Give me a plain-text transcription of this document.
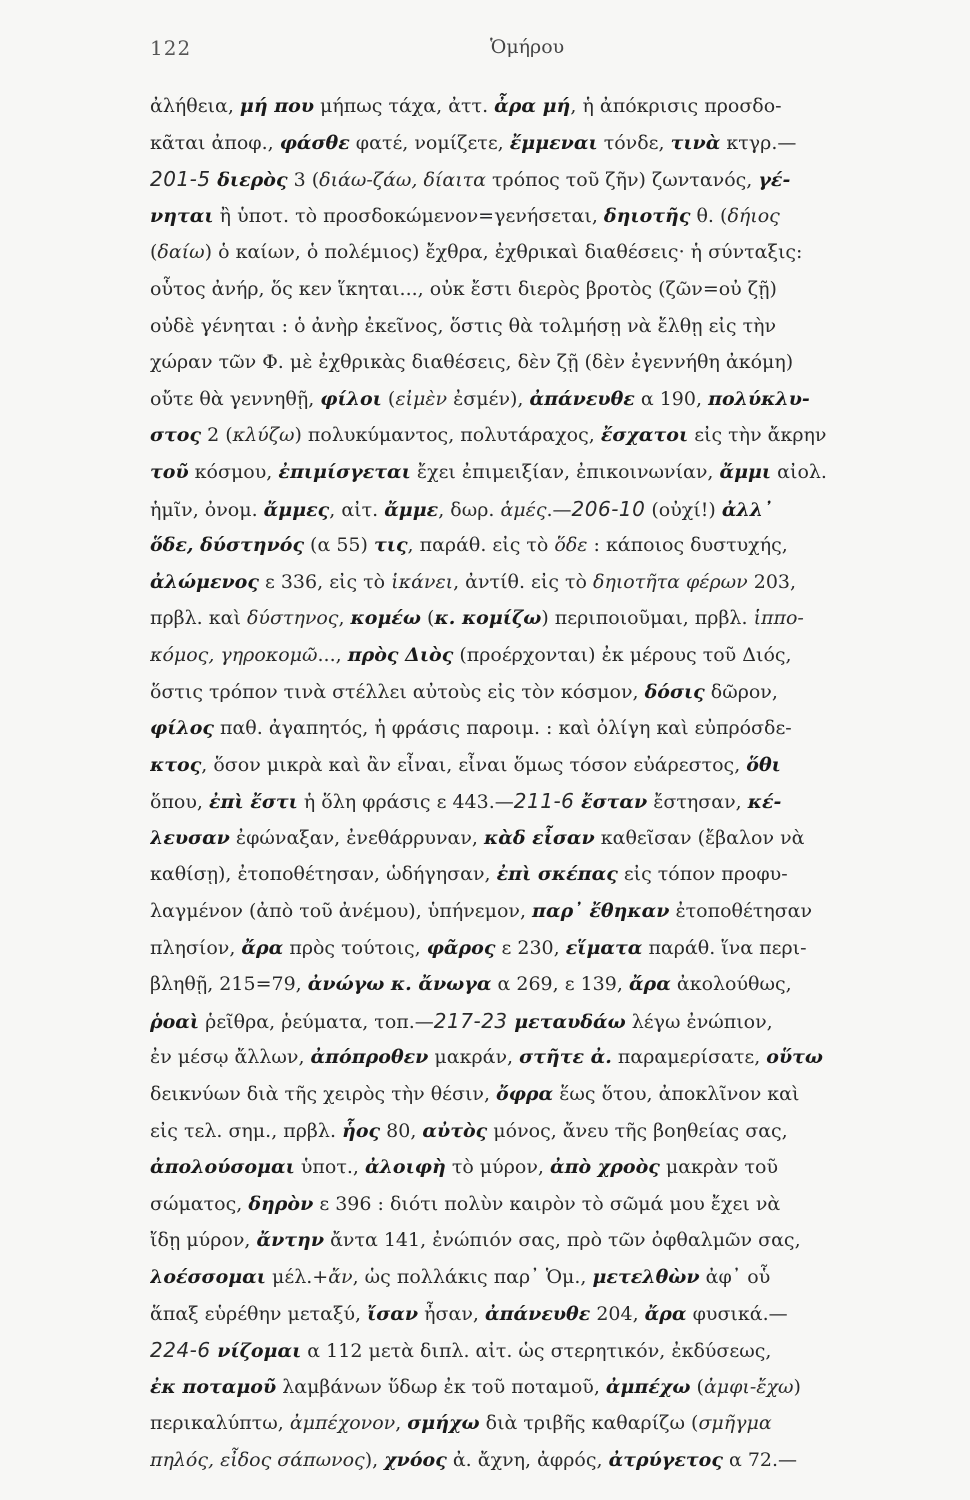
122	Ὁμήρου
ἀλήθεια, μή που μήπως τάχα, ἀττ. ἆρα μή, ἡ ἀπόκρισις προσδο-
κᾶται ἀποφ., φάσθε φατέ, νομίζετε, ἔμμεναι τόνδε, τινὰ κτγρ.—
201-5 διερὸς 3 (διάω-ζάω, δίαιτα τρόπος τοῦ ζῆν) ζωντανός, γέ-
νηται ἢ ὑποτ. τὸ προσδοκώμενον=γενήσεται, δηιοτῆς θ. (δήιος
(δαίω) ὁ καίων, ὁ πολέμιος) ἔχθρα, ἐχθρικαὶ διαθέσεις· ἡ σύνταξις:
οὗτος ἀνήρ, ὅς κεν ἵκηται..., οὐκ ἔστι διερὸς βροτὸς (ζῶν=οὐ ζῇ)
οὐδὲ γένηται : ὁ ἀνὴρ ἐκεῖνος, ὅστις θὰ τολμήσῃ νὰ ἔλθῃ εἰς τὴν
χώραν τῶν Φ. μὲ ἐχθρικὰς διαθέσεις, δὲν ζῇ (δὲν ἐγεννήθη ἀκόμη)
οὔτε θὰ γεννηθῇ, φίλοι (εἰμὲν ἐσμέν), ἀπάνευθε α 190, πολύκλυ-
στος 2 (κλύζω) πολυκύμαντος, πολυτάραχος, ἔσχατοι εἰς τὴν ἄκρην
τοῦ κόσμου, ἐπιμίσγεται ἔχει ἐπιμειξίαν, ἐπικοινωνίαν, ἄμμι αἰολ.
ἡμῖν, ὀνομ. ἄμμες, αἰτ. ἄμμε, δωρ. ἁμές.—206-10 (οὐχί!) ἀλλ᾽
ὅδε, δύστηνός (α 55) τις, παράθ. εἰς τὸ ὅδε : κάποιος δυστυχής,
ἀλώμενος ε 336, εἰς τὸ ἱκάνει, ἀντίθ. εἰς τὸ δηιοτῆτα φέρων 203,
πρβλ. καὶ δύστηνος, κομέω (κ. κομίζω) περιποιοῦμαι, πρβλ. ἱππο-
κόμος, γηροκομῶ..., πρὸς Διὸς (προέρχονται) ἐκ μέρους τοῦ Διός,
ὅστις τρόπον τινὰ στέλλει αὐτοὺς εἰς τὸν κόσμον, δόσις δῶρον,
φίλος παθ. ἀγαπητός, ἡ φράσις παροιμ. : καὶ ὀλίγη καὶ εὐπρόσδε-
κτος, ὅσον μικρὰ καὶ ἂν εἶναι, εἶναι ὅμως τόσον εὐάρεστος, ὅθι
ὅπου, ἐπὶ ἔστι ἡ ὅλη φράσις ε 443.—211-6 ἔσταν ἔστησαν, κέ-
λευσαν ἐφώναξαν, ἐνεθάρρυναν, κὰδ εἶσαν καθεῖσαν (ἔβαλον νὰ
καθίσῃ), ἐτοποθέτησαν, ὡδήγησαν, ἐπὶ σκέπας εἰς τόπον προφυ-
λαγμένον (ἀπὸ τοῦ ἀνέμου), ὑπήνεμον, παρ᾽ ἔθηκαν ἐτοποθέτησαν
πλησίον, ἄρα πρὸς τούτοις, φᾶρος ε 230, εἵματα παράθ. ἵνα περι-
βληθῇ, 215=79, ἀνώγω κ. ἄνωγα α 269, ε 139, ἄρα ἀκολούθως,
ῥοαὶ ῥεῖθρα, ῥεύματα, τοπ.—217-23 μεταυδάω λέγω ἐνώπιον,
ἐν μέσῳ ἄλλων, ἀπόπροθεν μακράν, στῆτε ἀ. παραμερίσατε, οὕτω
δεικνύων διὰ τῆς χειρὸς τὴν θέσιν, ὄφρα ἕως ὅτου, ἀποκλῖνον καὶ
εἰς τελ. σημ., πρβλ. ἧος 80, αὐτὸς μόνος, ἄνευ τῆς βοηθείας σας,
ἀπολούσομαι ὑποτ., ἀλοιφὴ τὸ μύρον, ἀπὸ χροὸς μακρὰν τοῦ
σώματος, δηρὸν ε 396 : διότι πολὺν καιρὸν τὸ σῶμά μου ἔχει νὰ
ἴδῃ μύρον, ἄντην ἄντα 141, ἐνώπιόν σας, πρὸ τῶν ὀφθαλμῶν σας,
λοέσσομαι μέλ.+ἄν, ὡς πολλάκις παρ᾽ Ὁμ., μετελθὼν ἀφ᾽ οὗ
ἅπαξ εὑρέθην μεταξύ, ἴσαν ἦσαν, ἀπάνευθε 204, ἄρα φυσικά.—
224-6 νίζομαι α 112 μετὰ διπλ. αἰτ. ὡς στερητικόν, ἐκδύσεως,
ἐκ ποταμοῦ λαμβάνων ὕδωρ ἐκ τοῦ ποταμοῦ, ἀμπέχω (ἀμφι-ἔχω)
περικαλύπτω, ἀμπέχονον, σμήχω διὰ τριβῆς καθαρίζω (σμῆγμα
πηλός, εἶδος σάπωνος), χνόος ἀ. ἄχνη, ἀφρός, ἀτρύγετος α 72.—
